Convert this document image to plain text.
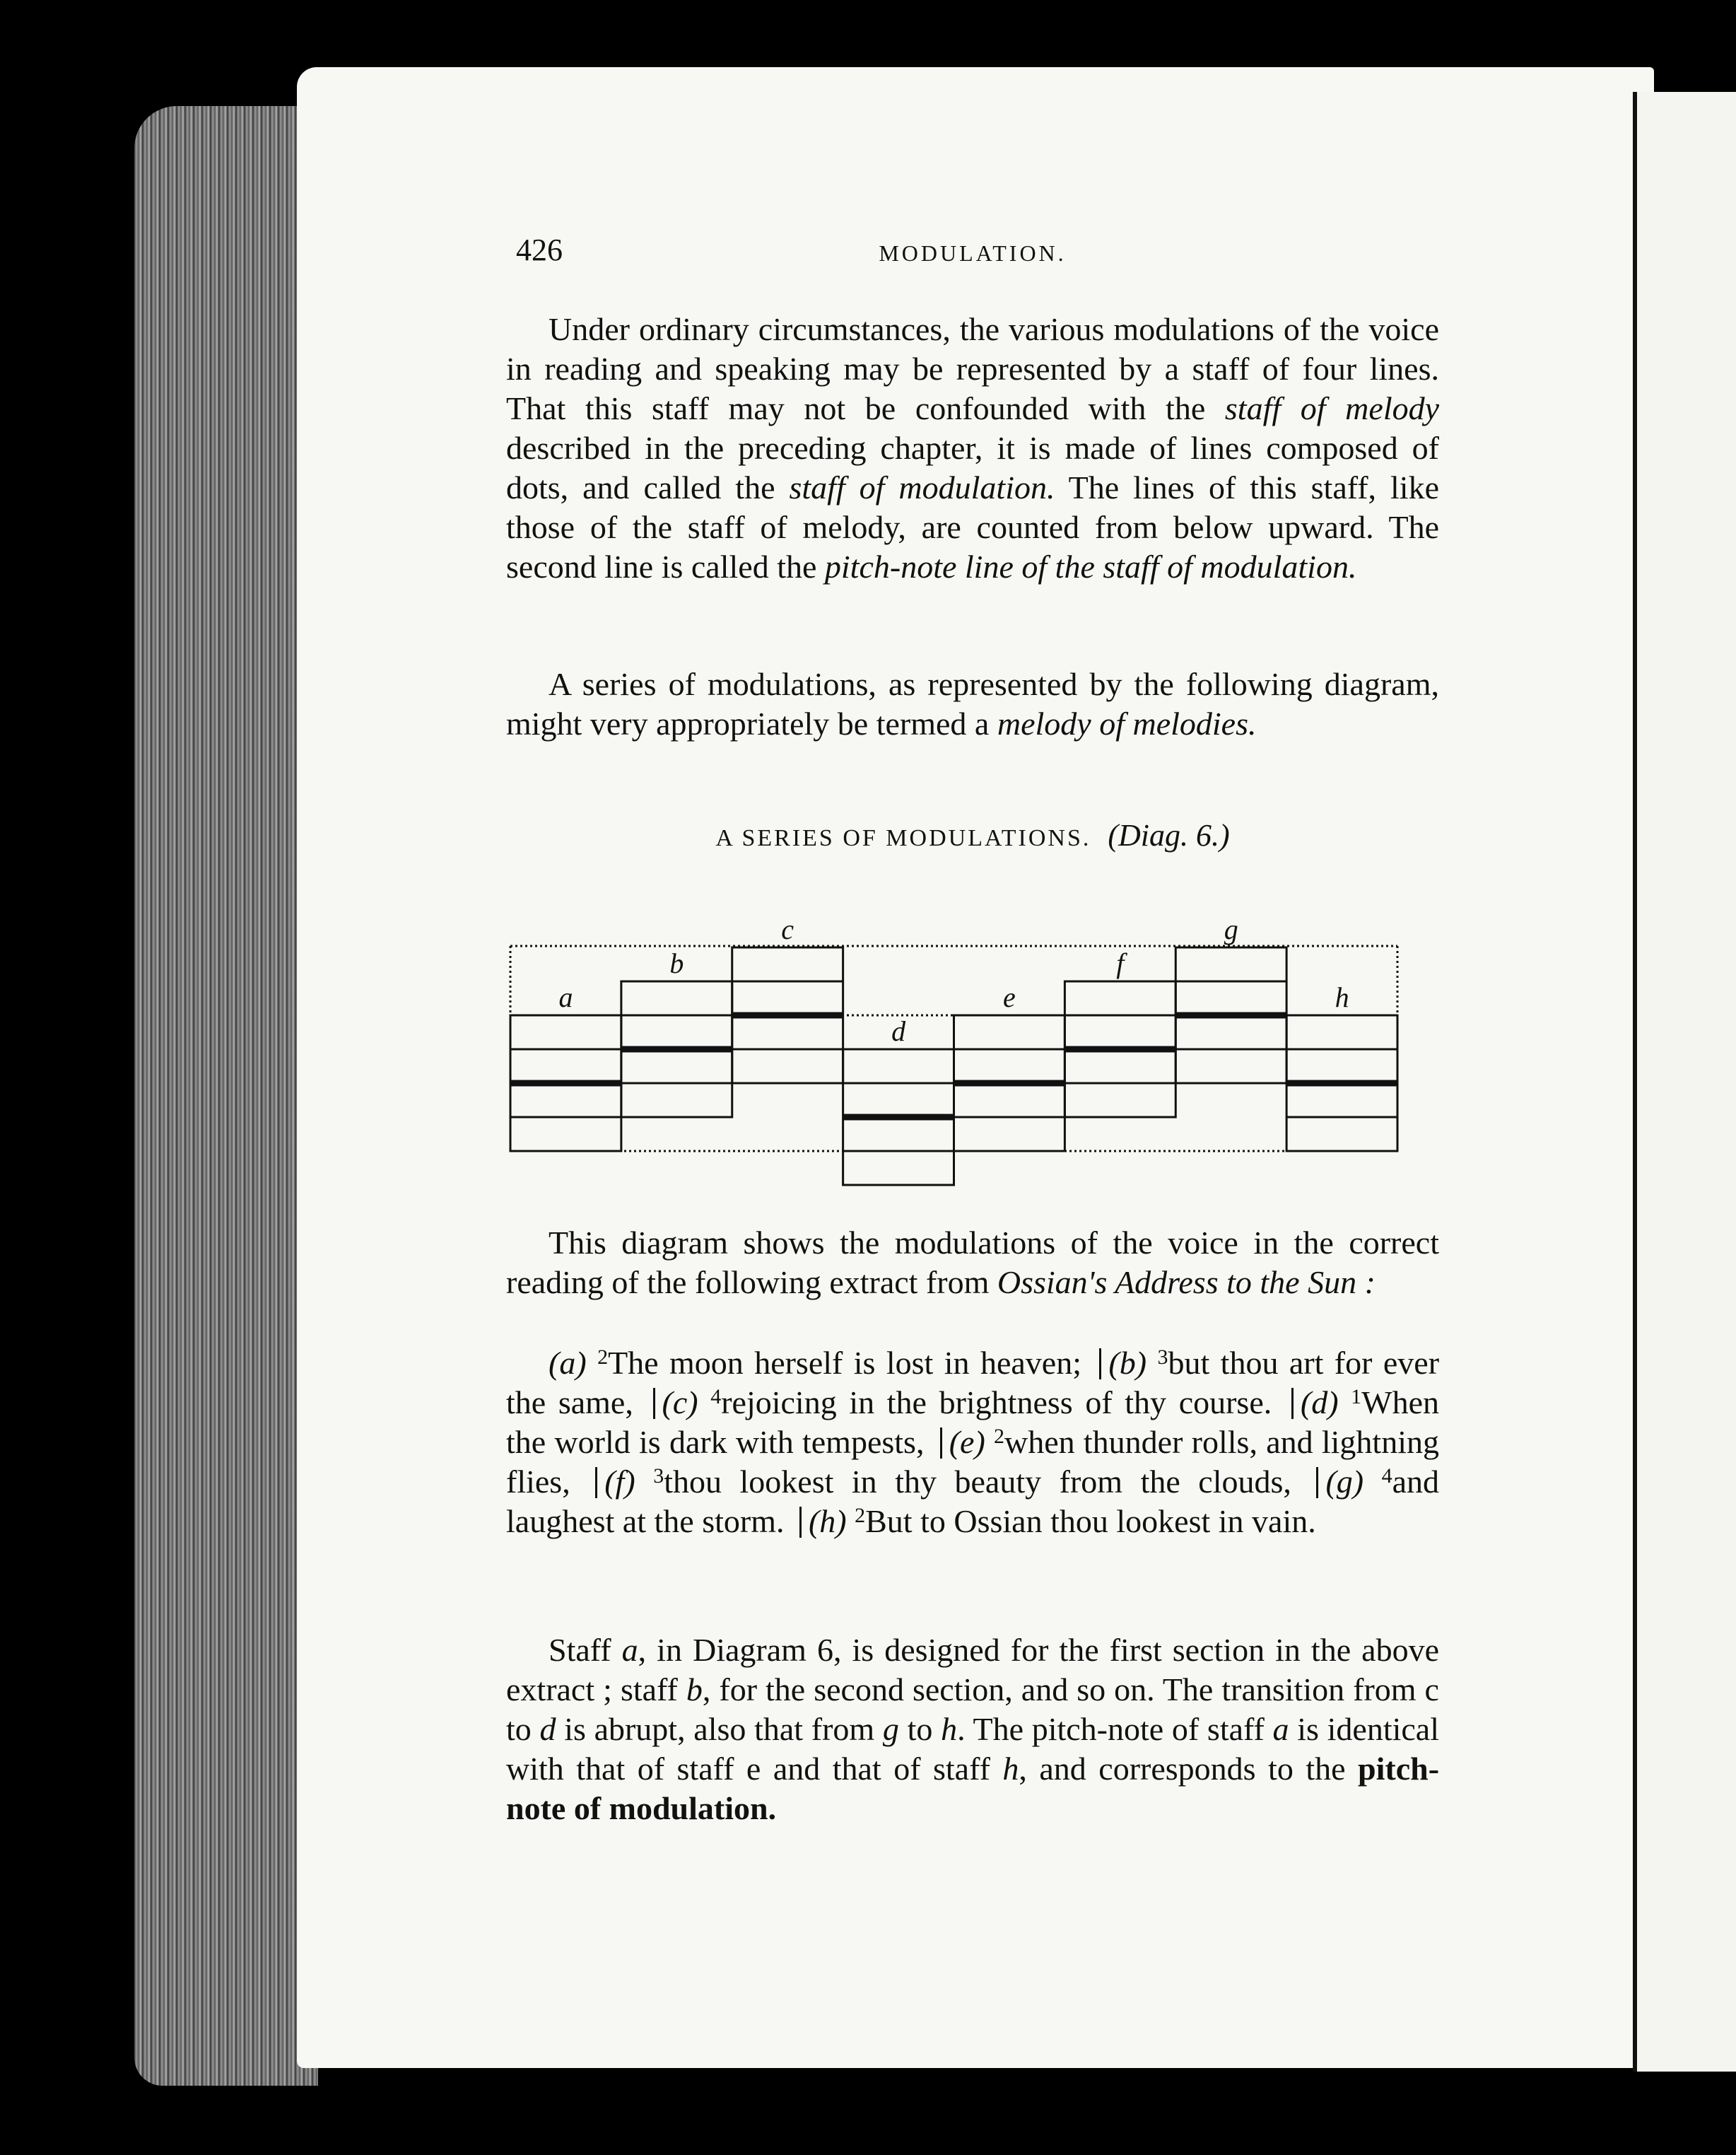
426	MODULATION.

Under ordinary circumstances, the various modulations of the voice in reading and speaking may be represented by a staff of four lines. That this staff may not be confounded with the staff of melody described in the preceding chapter, it is made of lines composed of dots, and called the staff of modulation. The lines of this staff, like those of the staff of melody, are counted from below upward. The second line is called the pitch-note line of the staff of modulation.

A series of modulations, as represented by the following diagram, might very appropriately be termed a melody of melodies.

A SERIES OF MODULATIONS. (Diag. 6.)
a
b
c
d
e
f
g
h

This diagram shows the modulations of the voice in the correct reading of the following extract from Ossian's Address to the Sun :

(a) $^2$The moon herself is lost in heaven; (b) $^3$but thou art for ever the same, (c) $^4$rejoicing in the brightness of thy course. (d) $^1$When the world is dark with tempests, (e) $^2$when thunder rolls, and lightning flies, (f) $^3$thou lookest in thy beauty from the clouds, (g) $^4$and laughest at the storm. (h) $^2$But to Ossian thou lookest in vain.

Staff a, in Diagram 6, is designed for the first section in the above extract ; staff b, for the second section, and so on. The transition from c to d is abrupt, also that from g to h. The pitch-note of staff a is identical with that of staff e and that of staff h, and corresponds to the pitch-note of modulation.
